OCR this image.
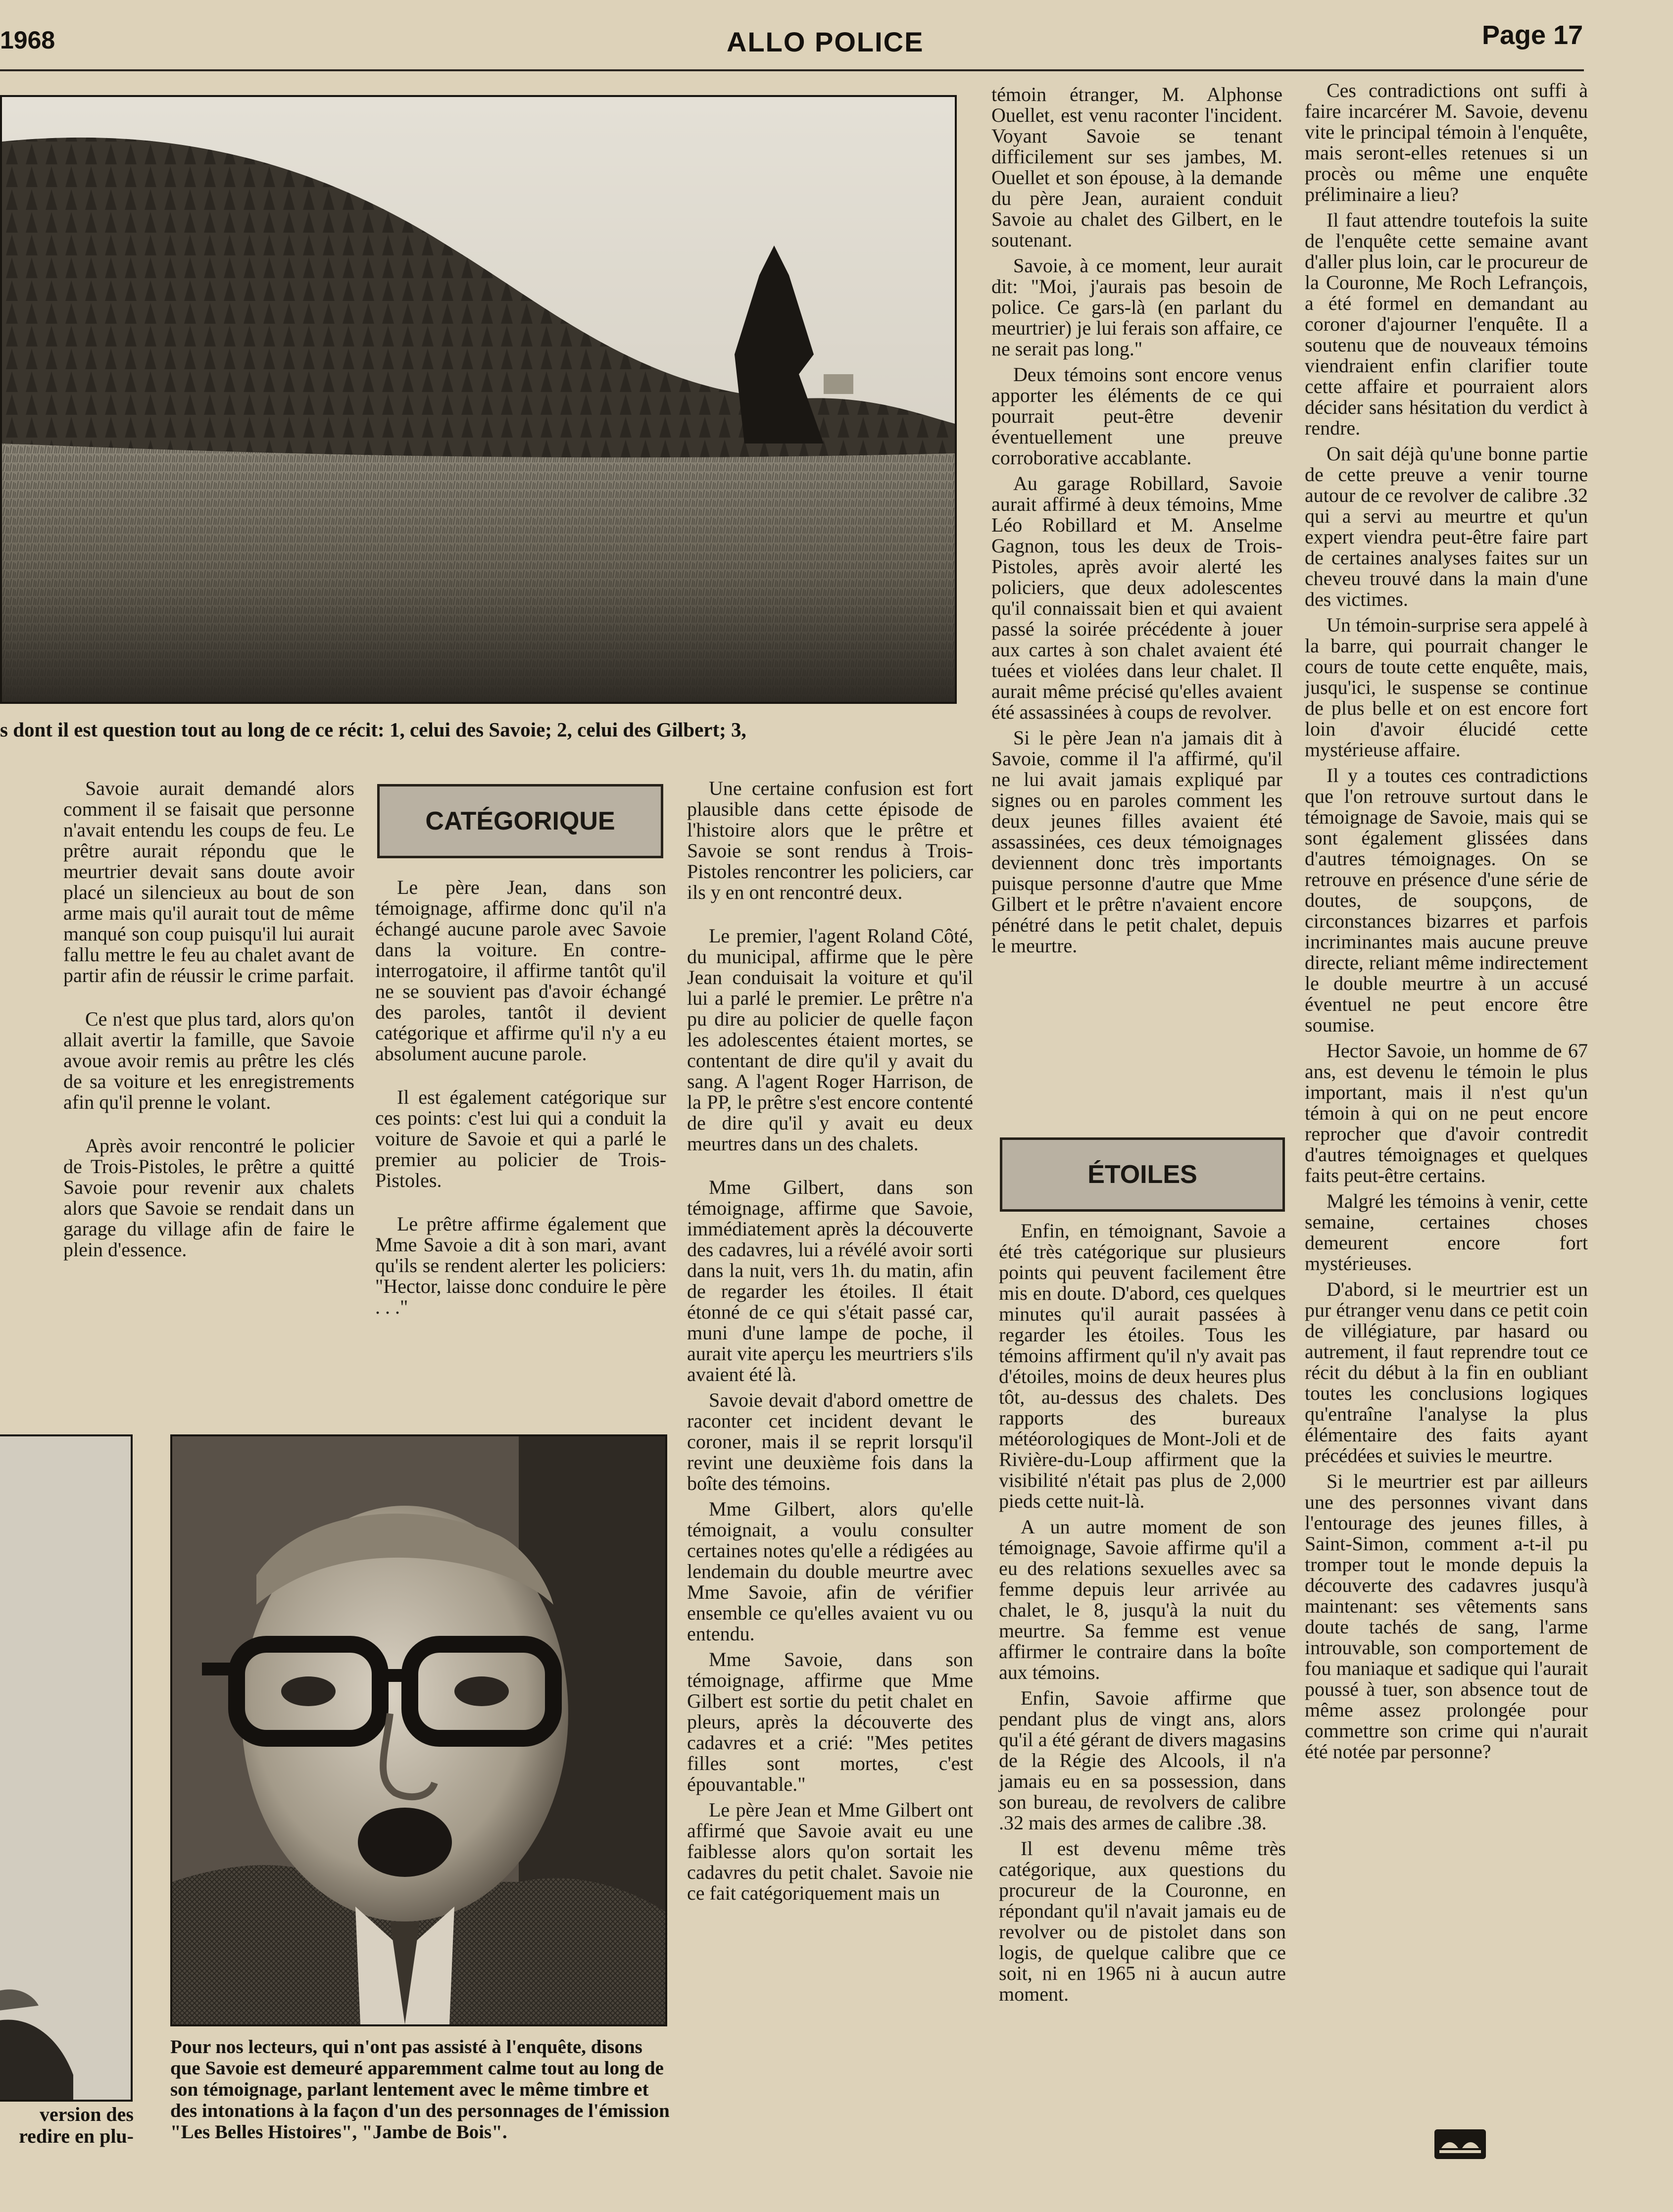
1968	ALLO POLICE	Page 17
s dont il est question tout au long de ce récit: 1, celui des Savoie; 2, celui des Gilbert; 3,

Savoie aurait demandé alors comment il se faisait que personne n'avait entendu les coups de feu. Le prêtre aurait répondu que le meurtrier devait sans doute avoir placé un silencieux au bout de son arme mais qu'il aurait tout de même manqué son coup puisqu'il lui aurait fallu mettre le feu au chalet avant de partir afin de réussir le crime parfait.

Ce n'est que plus tard, alors qu'on allait avertir la famille, que Savoie avoue avoir remis au prêtre les clés de sa voiture et les enregistrements afin qu'il prenne le volant.

Après avoir rencontré le policier de Trois-Pistoles, le prêtre a quitté Savoie pour revenir aux chalets alors que Savoie se rendait dans un garage du village afin de faire le plein d'essence.

CATÉGORIQUE

Le père Jean, dans son témoignage, affirme donc qu'il n'a échangé aucune parole avec Savoie dans la voiture. En contre-interrogatoire, il affirme tantôt qu'il ne se souvient pas d'avoir échangé des paroles, tantôt il devient catégorique et affirme qu'il n'y a eu absolument aucune parole.

Il est également catégorique sur ces points: c'est lui qui a conduit la voiture de Savoie et qui a parlé le premier au policier de Trois-Pistoles.

Le prêtre affirme également que Mme Savoie a dit à son mari, avant qu'ils se rendent alerter les policiers: "Hector, laisse donc conduire le père . . ."

Une certaine confusion est fort plausible dans cette épisode de l'histoire alors que le prêtre et Savoie se sont rendus à Trois-Pistoles rencontrer les policiers, car ils y en ont rencontré deux.

Le premier, l'agent Roland Côté, du municipal, affirme que le père Jean conduisait la voiture et qu'il lui a parlé le premier. Le prêtre n'a pu dire au policier de quelle façon les adolescentes étaient mortes, se contentant de dire qu'il y avait du sang. A l'agent Roger Harrison, de la PP, le prêtre s'est encore contenté de dire qu'il y avait eu deux meurtres dans un des chalets.

Mme Gilbert, dans son témoignage, affirme que Savoie, immédiatement après la découverte des cadavres, lui a révélé avoir sorti dans la nuit, vers 1h. du matin, afin de regarder les étoiles. Il était étonné de ce qui s'était passé car, muni d'une lampe de poche, il aurait vite aperçu les meurtriers s'ils avaient été là.

Savoie devait d'abord omettre de raconter cet incident devant le coroner, mais il se reprit lorsqu'il revint une deuxième fois dans la boîte des témoins.

Mme Gilbert, alors qu'elle témoignait, a voulu consulter certaines notes qu'elle a rédigées au lendemain du double meurtre avec Mme Savoie, afin de vérifier ensemble ce qu'elles avaient vu ou entendu.

Mme Savoie, dans son témoignage, affirme que Mme Gilbert est sortie du petit chalet en pleurs, après la découverte des cadavres et a crié: "Mes petites filles sont mortes, c'est épouvantable."

Le père Jean et Mme Gilbert ont affirmé que Savoie avait eu une faiblesse alors qu'on sortait les cadavres du petit chalet. Savoie nie ce fait catégoriquement mais un

témoin étranger, M. Alphonse Ouellet, est venu raconter l'incident. Voyant Savoie se tenant difficilement sur ses jambes, M. Ouellet et son épouse, à la demande du père Jean, auraient conduit Savoie au chalet des Gilbert, en le soutenant.

Savoie, à ce moment, leur aurait dit: "Moi, j'aurais pas besoin de police. Ce gars-là (en parlant du meurtrier) je lui ferais son affaire, ce ne serait pas long."

Deux témoins sont encore venus apporter les éléments de ce qui pourrait peut-être devenir éventuellement une preuve corroborative accablante.

Au garage Robillard, Savoie aurait affirmé à deux témoins, Mme Léo Robillard et M. Anselme Gagnon, tous les deux de Trois-Pistoles, après avoir alerté les policiers, que deux adolescentes qu'il connaissait bien et qui avaient passé la soirée précédente à jouer aux cartes à son chalet avaient été tuées et violées dans leur chalet. Il aurait même précisé qu'elles avaient été assassinées à coups de revolver.

Si le père Jean n'a jamais dit à Savoie, comme il l'a affirmé, qu'il ne lui avait jamais expliqué par signes ou en paroles comment les deux jeunes filles avaient été assassinées, ces deux témoignages deviennent donc très importants puisque personne d'autre que Mme Gilbert et le prêtre n'avaient encore pénétré dans le petit chalet, depuis le meurtre.

ÉTOILES

Enfin, en témoignant, Savoie a été très catégorique sur plusieurs points qui peuvent facilement être mis en doute. D'abord, ces quelques minutes qu'il aurait passées à regarder les étoiles. Tous les témoins affirment qu'il n'y avait pas d'étoiles, moins de deux heures plus tôt, au-dessus des chalets. Des rapports des bureaux météorologiques de Mont-Joli et de Rivière-du-Loup affirment que la visibilité n'était pas plus de 2,000 pieds cette nuit-là.

A un autre moment de son témoignage, Savoie affirme qu'il a eu des relations sexuelles avec sa femme depuis leur arrivée au chalet, le 8, jusqu'à la nuit du meurtre. Sa femme est venue affirmer le contraire dans la boîte aux témoins.

Enfin, Savoie affirme que pendant plus de vingt ans, alors qu'il a été gérant de divers magasins de la Régie des Alcools, il n'a jamais eu en sa possession, dans son bureau, de revolvers de calibre .32 mais des armes de calibre .38.

Il est devenu même très catégorique, aux questions du procureur de la Couronne, en répondant qu'il n'avait jamais eu de revolver ou de pistolet dans son logis, de quelque calibre que ce soit, ni en 1965 ni à aucun autre moment.

Ces contradictions ont suffi à faire incarcérer M. Savoie, devenu vite le principal témoin à l'enquête, mais seront-elles retenues si un procès ou même une enquête préliminaire a lieu?

Il faut attendre toutefois la suite de l'enquête cette semaine avant d'aller plus loin, car le procureur de la Couronne, Me Roch Lefrançois, a été formel en demandant au coroner d'ajourner l'enquête. Il a soutenu que de nouveaux témoins viendraient enfin clarifier toute cette affaire et pourraient alors décider sans hésitation du verdict à rendre.

On sait déjà qu'une bonne partie de cette preuve a venir tourne autour de ce revolver de calibre .32 qui a servi au meurtre et qu'un expert viendra peut-être faire part de certaines analyses faites sur un cheveu trouvé dans la main d'une des victimes.

Un témoin-surprise sera appelé à la barre, qui pourrait changer le cours de toute cette enquête, mais, jusqu'ici, le suspense se continue de plus belle et on est encore fort loin d'avoir élucidé cette mystérieuse affaire.

Il y a toutes ces contradictions que l'on retrouve surtout dans le témoignage de Savoie, mais qui se sont également glissées dans d'autres témoignages. On se retrouve en présence d'une série de doutes, de soupçons, de circonstances bizarres et parfois incriminantes mais aucune preuve directe, reliant même indirectement le double meurtre à un accusé éventuel ne peut encore être soumise.

Hector Savoie, un homme de 67 ans, est devenu le témoin le plus important, mais il n'est qu'un témoin à qui on ne peut encore reprocher que d'avoir contredit d'autres témoignages et quelques faits peut-être certains.

Malgré les témoins à venir, cette semaine, certaines choses demeurent encore fort mystérieuses.

D'abord, si le meurtrier est un pur étranger venu dans ce petit coin de villégiature, par hasard ou autrement, il faut reprendre tout ce récit du début à la fin en oubliant toutes les conclusions logiques qu'entraîne l'analyse la plus élémentaire des faits ayant précédées et suivies le meurtre.

Si le meurtrier est par ailleurs une des personnes vivant dans l'entourage des jeunes filles, à Saint-Simon, comment a-t-il pu tromper tout le monde depuis la découverte des cadavres jusqu'à maintenant: ses vêtements sans doute tachés de sang, l'arme introuvable, son comportement de fou maniaque et sadique qui l'aurait poussé à tuer, son absence tout de même assez prolongée pour commettre son crime qui n'aurait été notée par personne?

version des
redire en plu-
Pour nos lecteurs, qui n'ont pas assisté à l'enquête, disons que Savoie est demeuré apparemment calme tout au long de son témoignage, parlant lentement avec le même timbre et des intonations à la façon d'un des personnages de l'émission "Les Belles Histoires", "Jambe de Bois".
